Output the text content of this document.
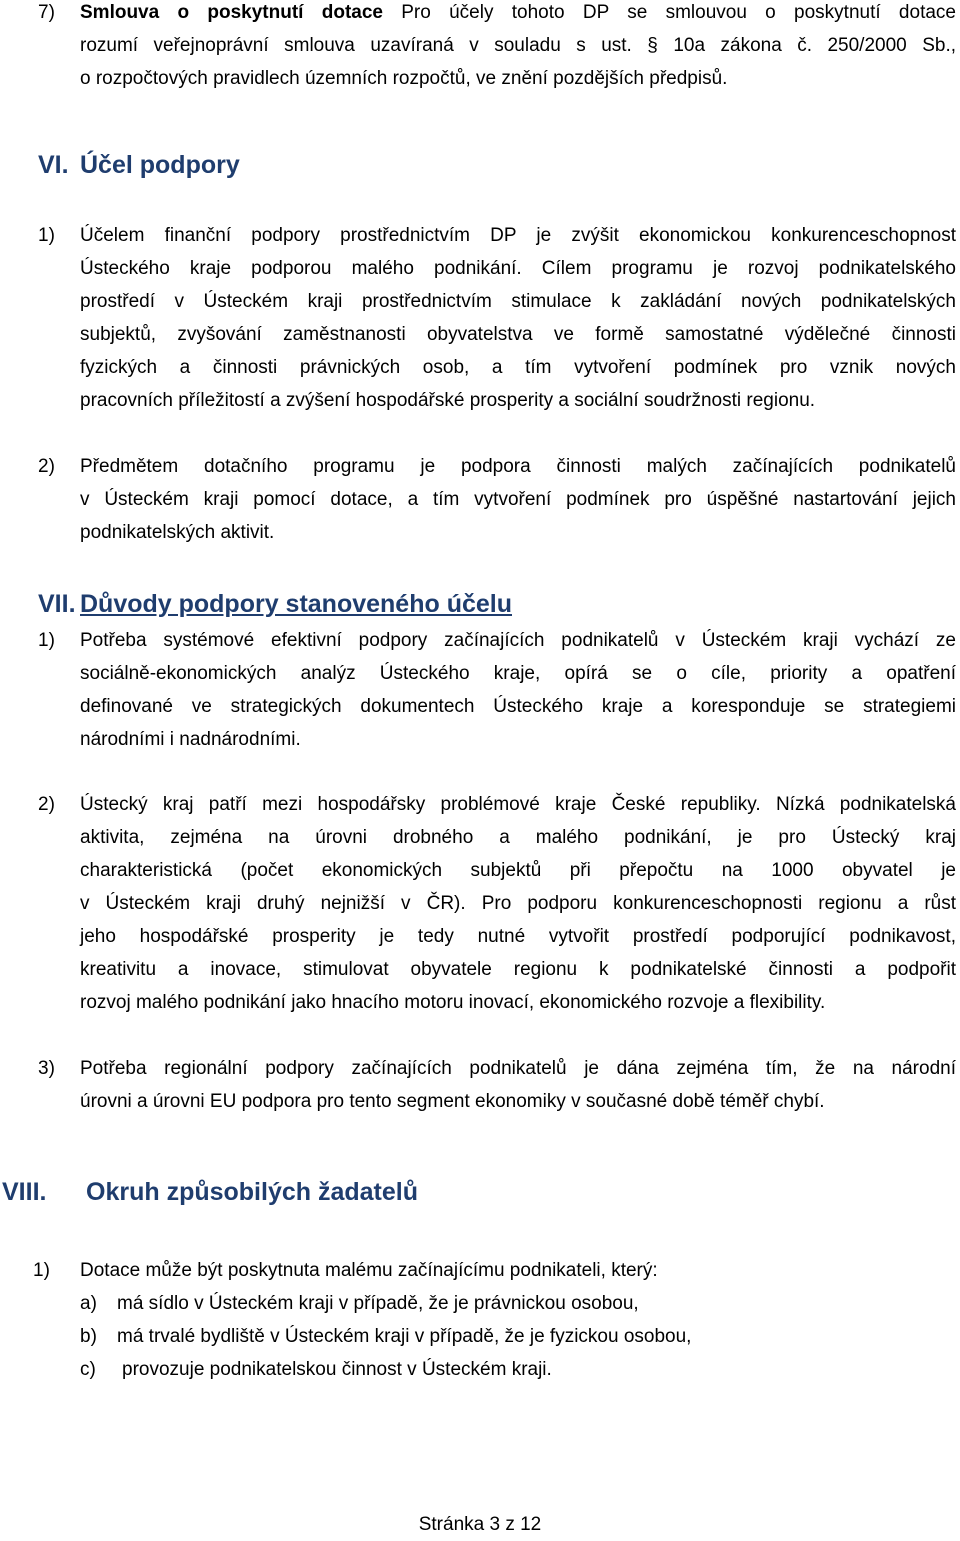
7) Smlouva o poskytnutí dotace Pro účely tohoto DP se smlouvou o poskytnutí dotace
rozumí veřejnoprávní smlouva uzavíraná v souladu s ust. § 10a zákona č. 250/2000 Sb.,
o rozpočtových pravidlech územních rozpočtů, ve znění pozdějších předpisů.
VI. Účel podpory
1) Účelem finanční podpory prostřednictvím DP je zvýšit ekonomickou konkurenceschopnost
Ústeckého kraje podporou malého podnikání. Cílem programu je rozvoj podnikatelského
prostředí v Ústeckém kraji prostřednictvím stimulace k zakládání nových podnikatelských
subjektů, zvyšování zaměstnanosti obyvatelstva ve formě samostatné výdělečné činnosti
fyzických a činnosti právnických osob, a tím vytvoření podmínek pro vznik nových
pracovních příležitostí a zvýšení hospodářské prosperity a sociální soudržnosti regionu.
2) Předmětem dotačního programu je podpora činnosti malých začínajících podnikatelů
v Ústeckém kraji pomocí dotace, a tím vytvoření podmínek pro úspěšné nastartování jejich
podnikatelských aktivit.
VII. Důvody podpory stanoveného účelu
1) Potřeba systémové efektivní podpory začínajících podnikatelů v Ústeckém kraji vychází ze
sociálně-ekonomických analýz Ústeckého kraje, opírá se o cíle, priority a opatření
definované ve strategických dokumentech Ústeckého kraje a koresponduje se strategiemi
národními i nadnárodními.
2) Ústecký kraj patří mezi hospodářsky problémové kraje České republiky. Nízká podnikatelská
aktivita, zejména na úrovni drobného a malého podnikání, je pro Ústecký kraj
charakteristická (počet ekonomických subjektů při přepočtu na 1000 obyvatel je
v Ústeckém kraji druhý nejnižší v ČR). Pro podporu konkurenceschopnosti regionu a růst
jeho hospodářské prosperity je tedy nutné vytvořit prostředí podporující podnikavost,
kreativitu a inovace, stimulovat obyvatele regionu k podnikatelské činnosti a podpořit
rozvoj malého podnikání jako hnacího motoru inovací, ekonomického rozvoje a flexibility.
3) Potřeba regionální podpory začínajících podnikatelů je dána zejména tím, že na národní
úrovni a úrovni EU podpora pro tento segment ekonomiky v současné době téměř chybí.
VIII. Okruh způsobilých žadatelů
1) Dotace může být poskytnuta malému začínajícímu podnikateli, který:
a) má sídlo v Ústeckém kraji v případě, že je právnickou osobou,
b) má trvalé bydliště v Ústeckém kraji v případě, že je fyzickou osobou,
c) provozuje podnikatelskou činnost v Ústeckém kraji.
Stránka 3 z 12
